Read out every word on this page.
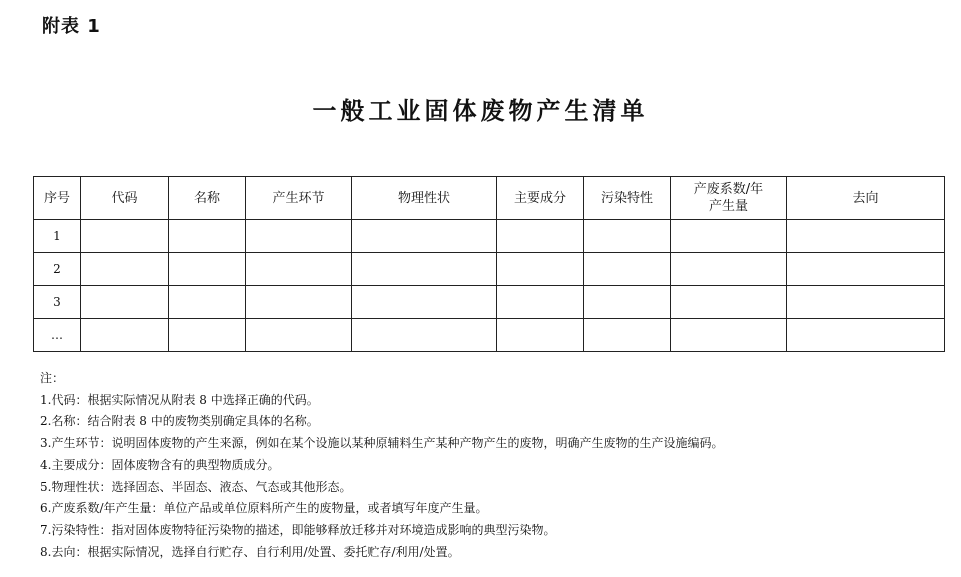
附表 1
一般工业固体废物产生清单
序号	代码	名称	产生环节	物理性状	主要成分	污染特性	产废系数/年产生量	去向
1								
2								
3								
…								
注：
1.代码：根据实际情况从附表 8 中选择正确的代码。
2.名称：结合附表 8 中的废物类别确定具体的名称。
3.产生环节：说明固体废物的产生来源，例如在某个设施以某种原辅料生产某种产物产生的废物，明确产生废物的生产设施编码。
4.主要成分：固体废物含有的典型物质成分。
5.物理性状：选择固态、半固态、液态、气态或其他形态。
6.产废系数/年产生量：单位产品或单位原料所产生的废物量，或者填写年度产生量。
7.污染特性：指对固体废物特征污染物的描述，即能够释放迁移并对环境造成影响的典型污染物。
8.去向：根据实际情况，选择自行贮存、自行利用/处置、委托贮存/利用/处置。
